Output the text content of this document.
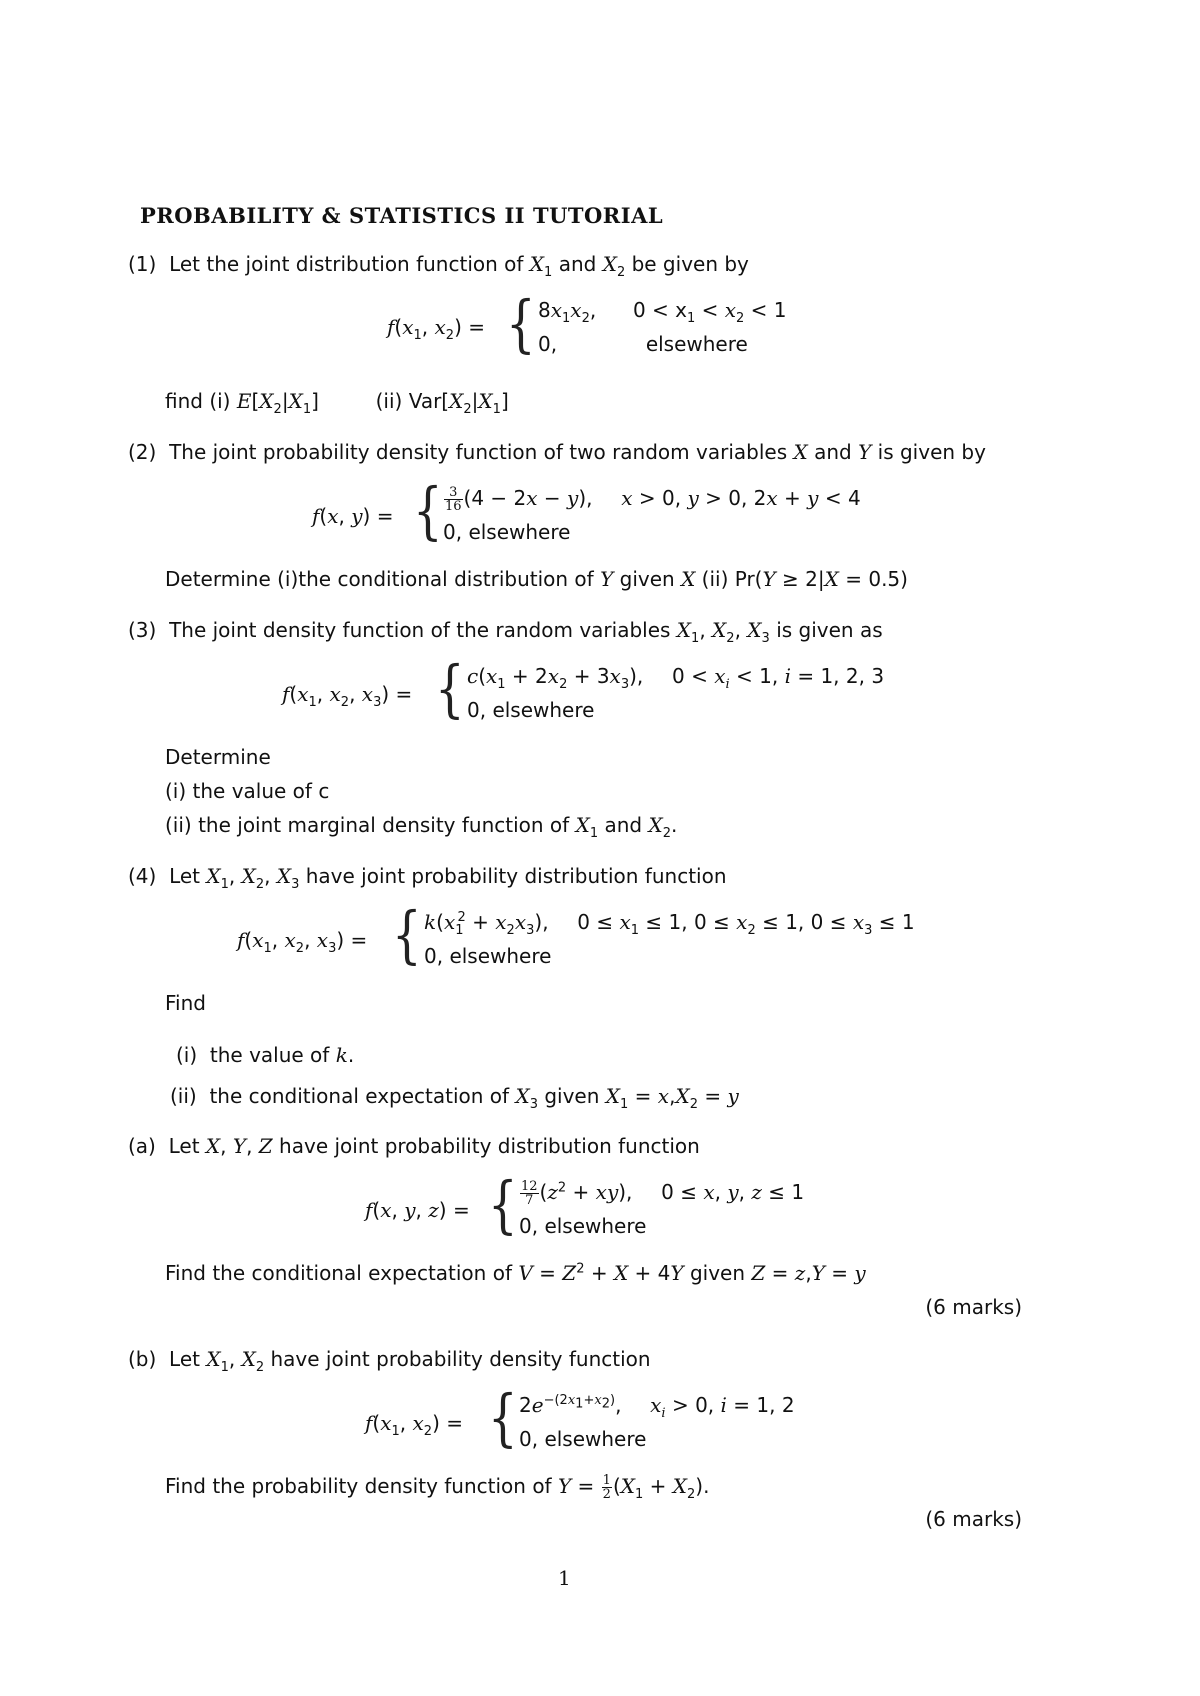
PROBABILITY & STATISTICS II TUTORIAL
(1) Let the joint distribution function of $X_1$ and $X_2$ be given by
$f(x_1$, $x_2$) = { $8x_1x_2$,  $0 < x_1 < x_2 < 1$
0,	elsewhere
find (i) $E[X_2|X_1]$	(ii) $Var[X_2|X_1]$
(2) The joint probability density function of two random variables X and Y is given by
f(x, y) = { $\frac{3}{16} (4 - 2x - y)$,  x > 0, y > 0, 2x + y < 4
0, elsewhere
Determine (i)the conditional distribution of Y given X (ii) Pr(Y ≥ 2|X = 0.5)
(3) The joint density function of the random variables $X_1$, $X_2$, $X_3$ is given as
$f(x_1$, $x_2$, $x_3$) = { $c(x_1 + 2x_2 + 3x_3)$,  $0 < x_i < 1$, i = 1, 2, 3
0, elsewhere
Determine
(i) the value of c
(ii) the joint marginal density function of $X_1$ and $X_2$.
(4) Let $X_1$, $X_2$, $X_3$ have joint probability distribution function
$f(x_1$, $x_2$, $x_3$) = { $k(x_1^2 + x_2x_3)$,  $0 \le x_1 \le 1$, $0 \le x_2 \le 1$, $0 \le x_3 \le 1$
0, elsewhere
Find
(i) the value of k.
(ii) the conditional expectation of $X_3$ given $X_1 = x,X_2 = y$
(a) Let X, Y, Z have joint probability distribution function
f(x, y, z) = { $\frac{12}{7} (z^2 + xy)$,  0 ≤ x, y, z ≤ 1
0, elsewhere
Find the conditional expectation of $V = Z^2 + X + 4Y$ given Z = z,Y = y
(6 marks)
(b) Let $X_1$, $X_2$ have joint probability density function
$f(x_1$, $x_2$) = { $2e^{-(2x_1+x_2)}$,  $x_i > 0$, i = 1, 2
0, elsewhere
Find the probability density function of $Y = \frac{1}{2} (X_1 + X_2)$.
(6 marks)
1
